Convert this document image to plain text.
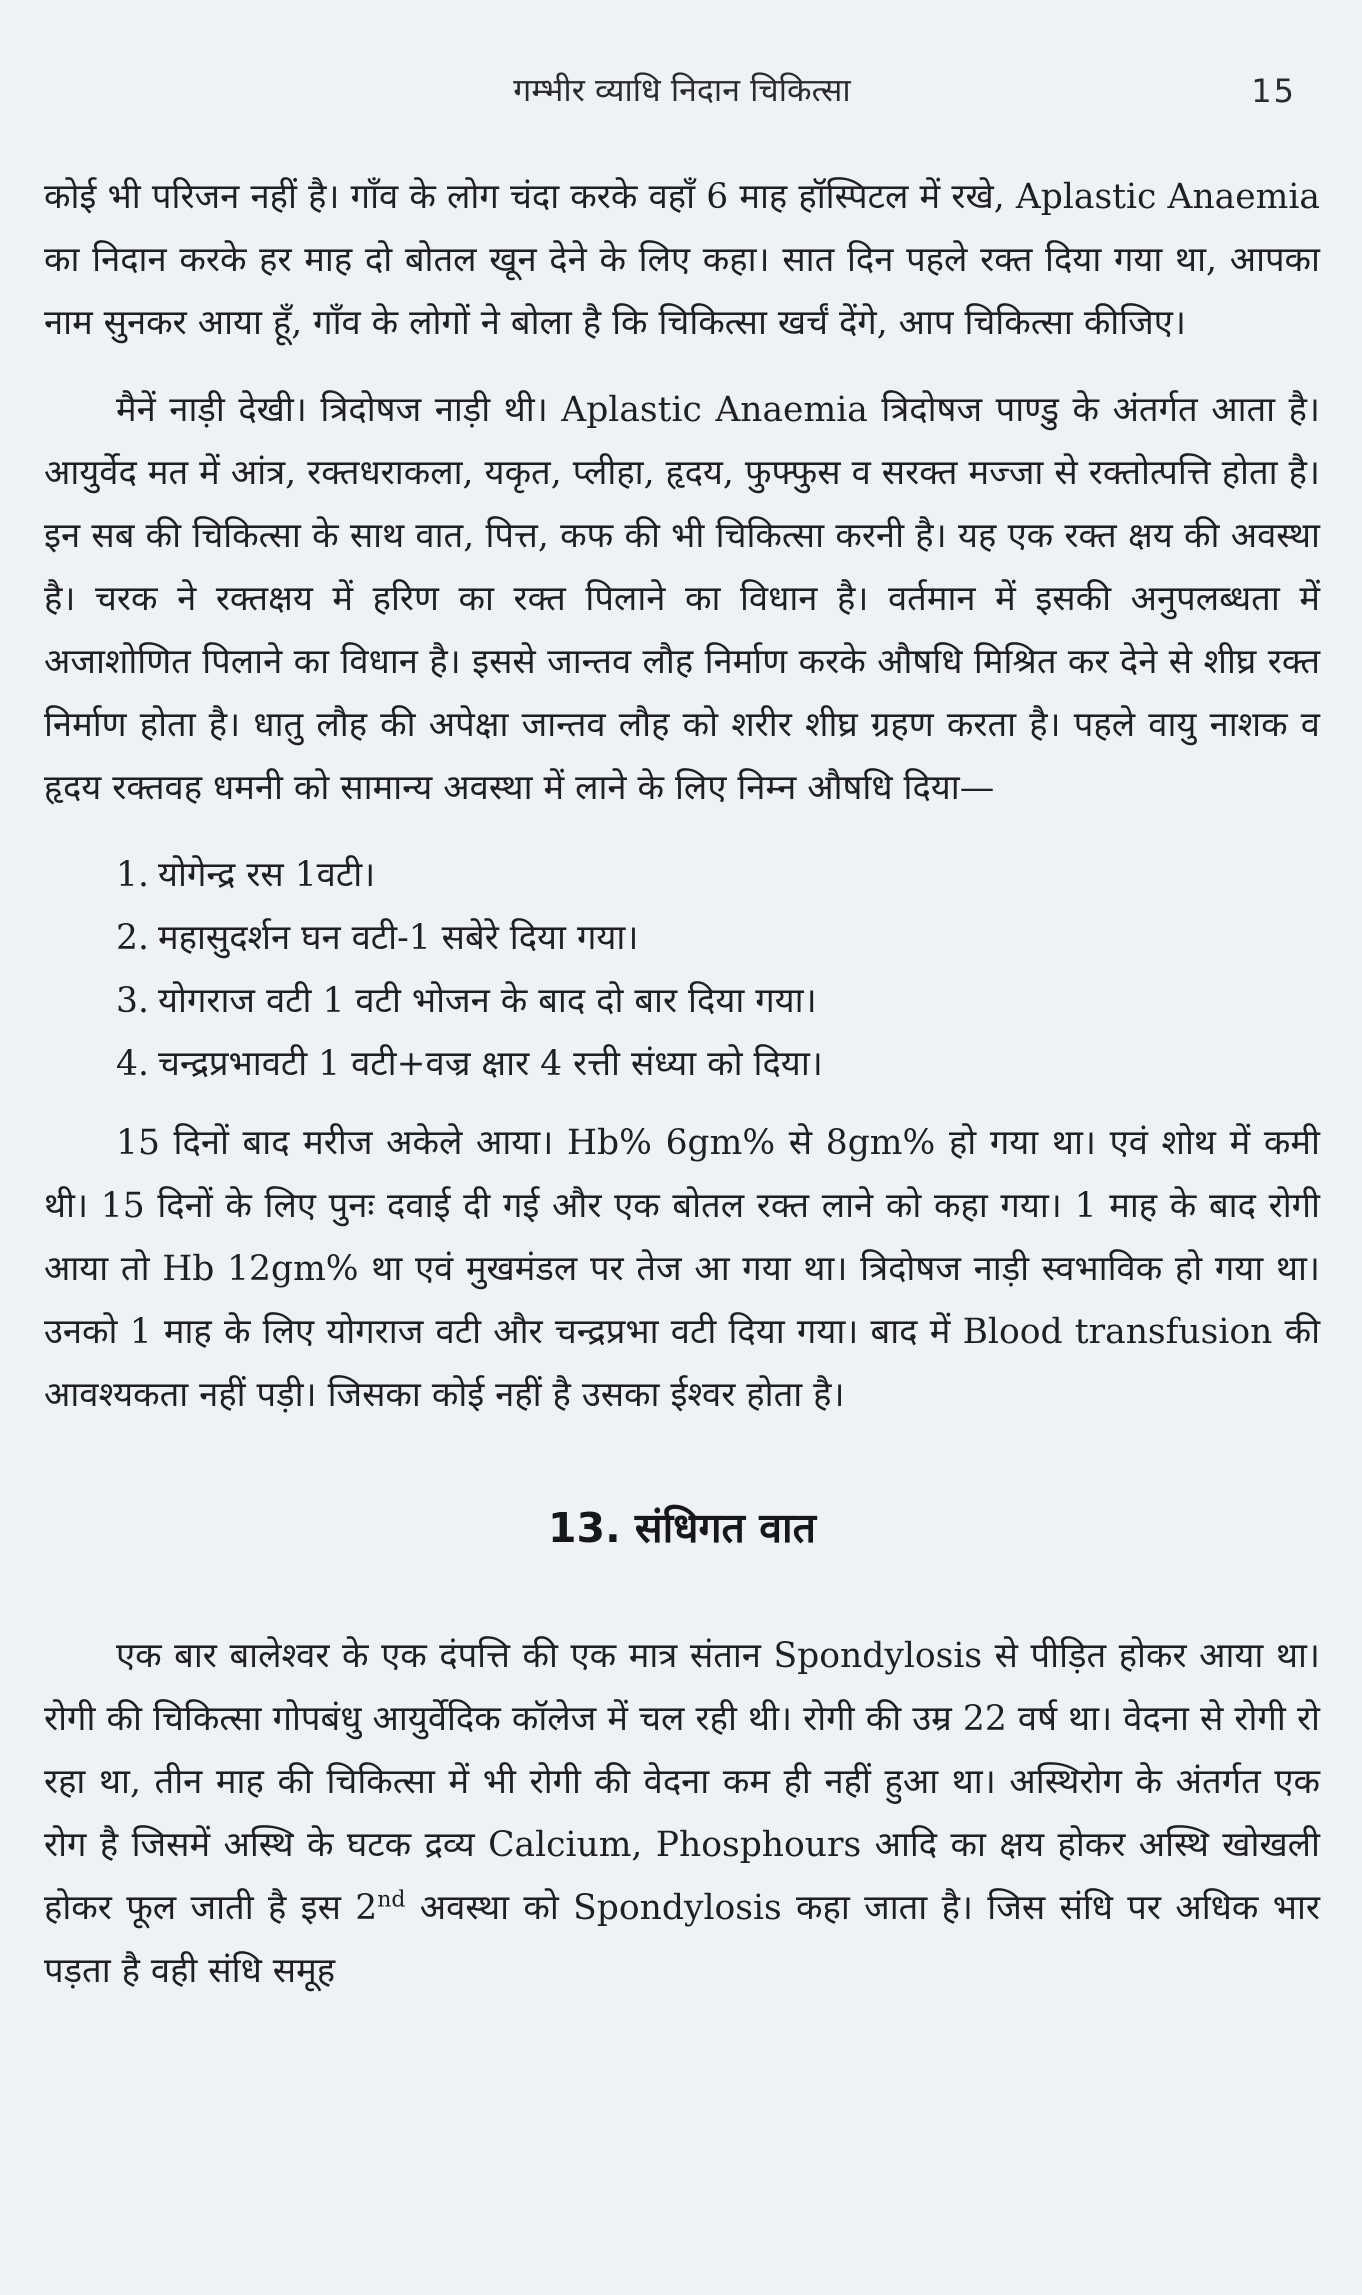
गम्भीर व्याधि निदान चिकित्सा	15

कोई भी परिजन नहीं है। गाँव के लोग चंदा करके वहाँ 6 माह हॉस्पिटल में रखे, Aplastic Anaemia का निदान करके हर माह दो बोतल खून देने के लिए कहा। सात दिन पहले रक्त दिया गया था, आपका नाम सुनकर आया हूँ, गाँव के लोगों ने बोला है कि चिकित्सा खर्चं देंगे, आप चिकित्सा कीजिए।

मैनें नाड़ी देखी। त्रिदोषज नाड़ी थी। Aplastic Anaemia त्रिदोषज पाण्डु के अंतर्गत आता है। आयुर्वेद मत में आंत्र, रक्तधराकला, यकृत, प्लीहा, हृदय, फुफ्फुस व सरक्त मज्जा से रक्तोत्पत्ति होता है। इन सब की चिकित्सा के साथ वात, पित्त, कफ की भी चिकित्सा करनी है। यह एक रक्त क्षय की अवस्था है। चरक ने रक्तक्षय में हरिण का रक्त पिलाने का विधान है। वर्तमान में इसकी अनुपलब्धता में अजाशोणित पिलाने का विधान है। इससे जान्तव लौह निर्माण करके औषधि मिश्रित कर देने से शीघ्र रक्त निर्माण होता है। धातु लौह की अपेक्षा जान्तव लौह को शरीर शीघ्र ग्रहण करता है। पहले वायु नाशक व हृदय रक्तवह धमनी को सामान्य अवस्था में लाने के लिए निम्न औषधि दिया—

1. योगेन्द्र रस 1वटी।
2. महासुदर्शन घन वटी-1 सबेरे दिया गया।
3. योगराज वटी 1 वटी भोजन के बाद दो बार दिया गया।
4. चन्द्रप्रभावटी 1 वटी+वज्र क्षार 4 रत्ती संध्या को दिया।

15 दिनों बाद मरीज अकेले आया। Hb% 6gm% से 8gm% हो गया था। एवं शोथ में कमी थी। 15 दिनों के लिए पुनः दवाई दी गई और एक बोतल रक्त लाने को कहा गया। 1 माह के बाद रोगी आया तो Hb 12gm% था एवं मुखमंडल पर तेज आ गया था। त्रिदोषज नाड़ी स्वभाविक हो गया था। उनको 1 माह के लिए योगराज वटी और चन्द्रप्रभा वटी दिया गया। बाद में Blood transfusion की आवश्यकता नहीं पड़ी। जिसका कोई नहीं है उसका ईश्वर होता है।

13. संधिगत वात

एक बार बालेश्वर के एक दंपत्ति की एक मात्र संतान Spondylosis से पीड़ित होकर आया था। रोगी की चिकित्सा गोपबंधु आयुर्वेदिक कॉलेज में चल रही थी। रोगी की उम्र 22 वर्ष था। वेदना से रोगी रो रहा था, तीन माह की चिकित्सा में भी रोगी की वेदना कम ही नहीं हुआ था। अस्थिरोग के अंतर्गत एक रोग है जिसमें अस्थि के घटक द्रव्य Calcium, Phosphours आदि का क्षय होकर अस्थि खोखली होकर फूल जाती है इस 2nd अवस्था को Spondylosis कहा जाता है। जिस संधि पर अधिक भार पड़ता है वही संधि समूह
